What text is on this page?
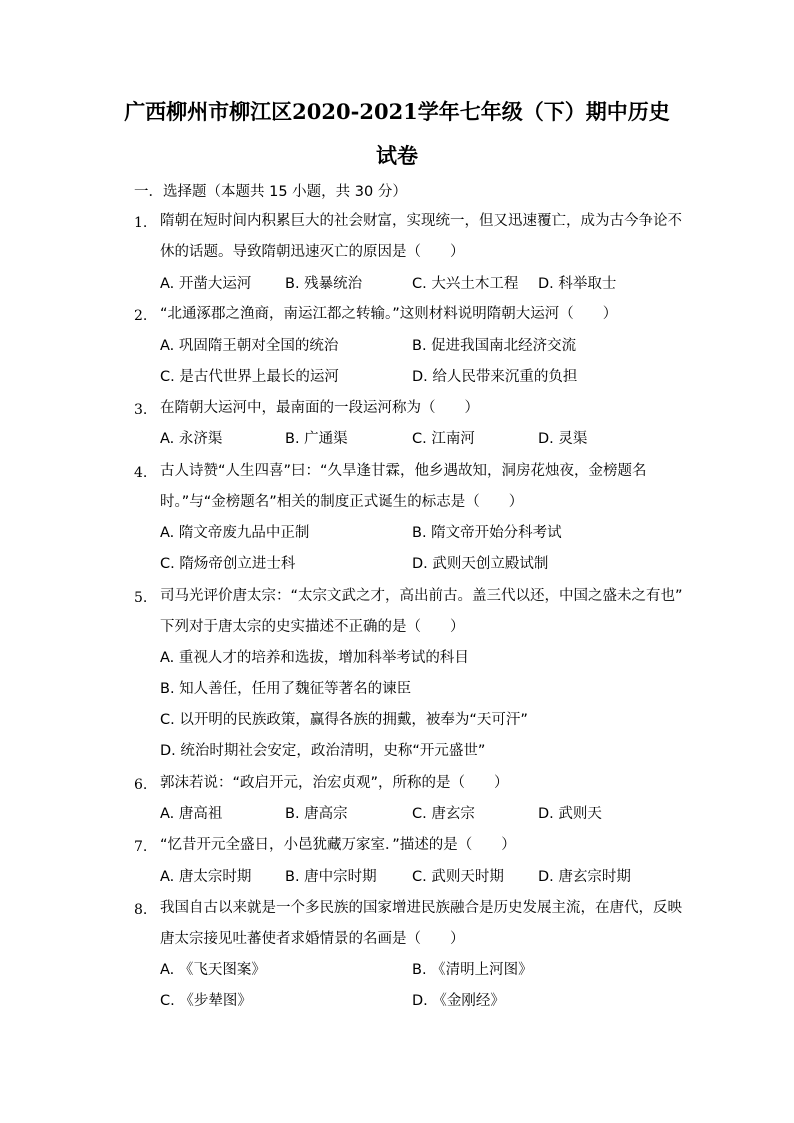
广西柳州市柳江区2020-2021学年七年级（下）期中历史
试卷
一．选择题（本题共 15 小题，共 30 分）
1. 隋朝在短时间内积累巨大的社会财富，实现统一，但又迅速覆亡，成为古今争论不
休的话题。导致隋朝迅速灭亡的原因是（　　）
A. 开凿大运河 B. 残暴统治	C. 大兴土木工程 D. 科举取士
2. “北通涿郡之渔商，南运江都之转输。”这则材料说明隋朝大运河（　　）
A. 巩固隋王朝对全国的统治	B. 促进我国南北经济交流
C. 是古代世界上最长的运河	D. 给人民带来沉重的负担
3. 在隋朝大运河中，最南面的一段运河称为（　　）
A. 永济渠	B. 广通渠	C. 江南河	D. 灵渠
4. 古人诗赞“人生四喜”曰：“久旱逢甘霖，他乡遇故知，洞房花烛夜，金榜题名
时。”与“金榜题名”相关的制度正式诞生的标志是（　　）
A. 隋文帝废九品中正制	B. 隋文帝开始分科考试
C. 隋炀帝创立进士科	D. 武则天创立殿试制
5. 司马光评价唐太宗：“太宗文武之才，高出前古。盖三代以还，中国之盛未之有也”
下列对于唐太宗的史实描述不正确的是（　　）
A. 重视人才的培养和选拔，增加科举考试的科目
B. 知人善任，任用了魏征等著名的谏臣
C. 以开明的民族政策，赢得各族的拥戴，被奉为“天可汗”
D. 统治时期社会安定，政治清明，史称“开元盛世”
6. 郭沫若说：“政启开元，治宏贞观”，所称的是（　　）
A. 唐高祖	B. 唐高宗	C. 唐玄宗	D. 武则天
7. “忆昔开元全盛日，小邑犹藏万家室．”描述的是（　　）
A. 唐太宗时期 B. 唐中宗时期 C. 武则天时期 D. 唐玄宗时期
8. 我国自古以来就是一个多民族的国家增进民族融合是历史发展主流，在唐代，反映
唐太宗接见吐蕃使者求婚情景的名画是（　　）
A. 《飞天图案》	B. 《清明上河图》
C. 《步辇图》	D. 《金刚经》
